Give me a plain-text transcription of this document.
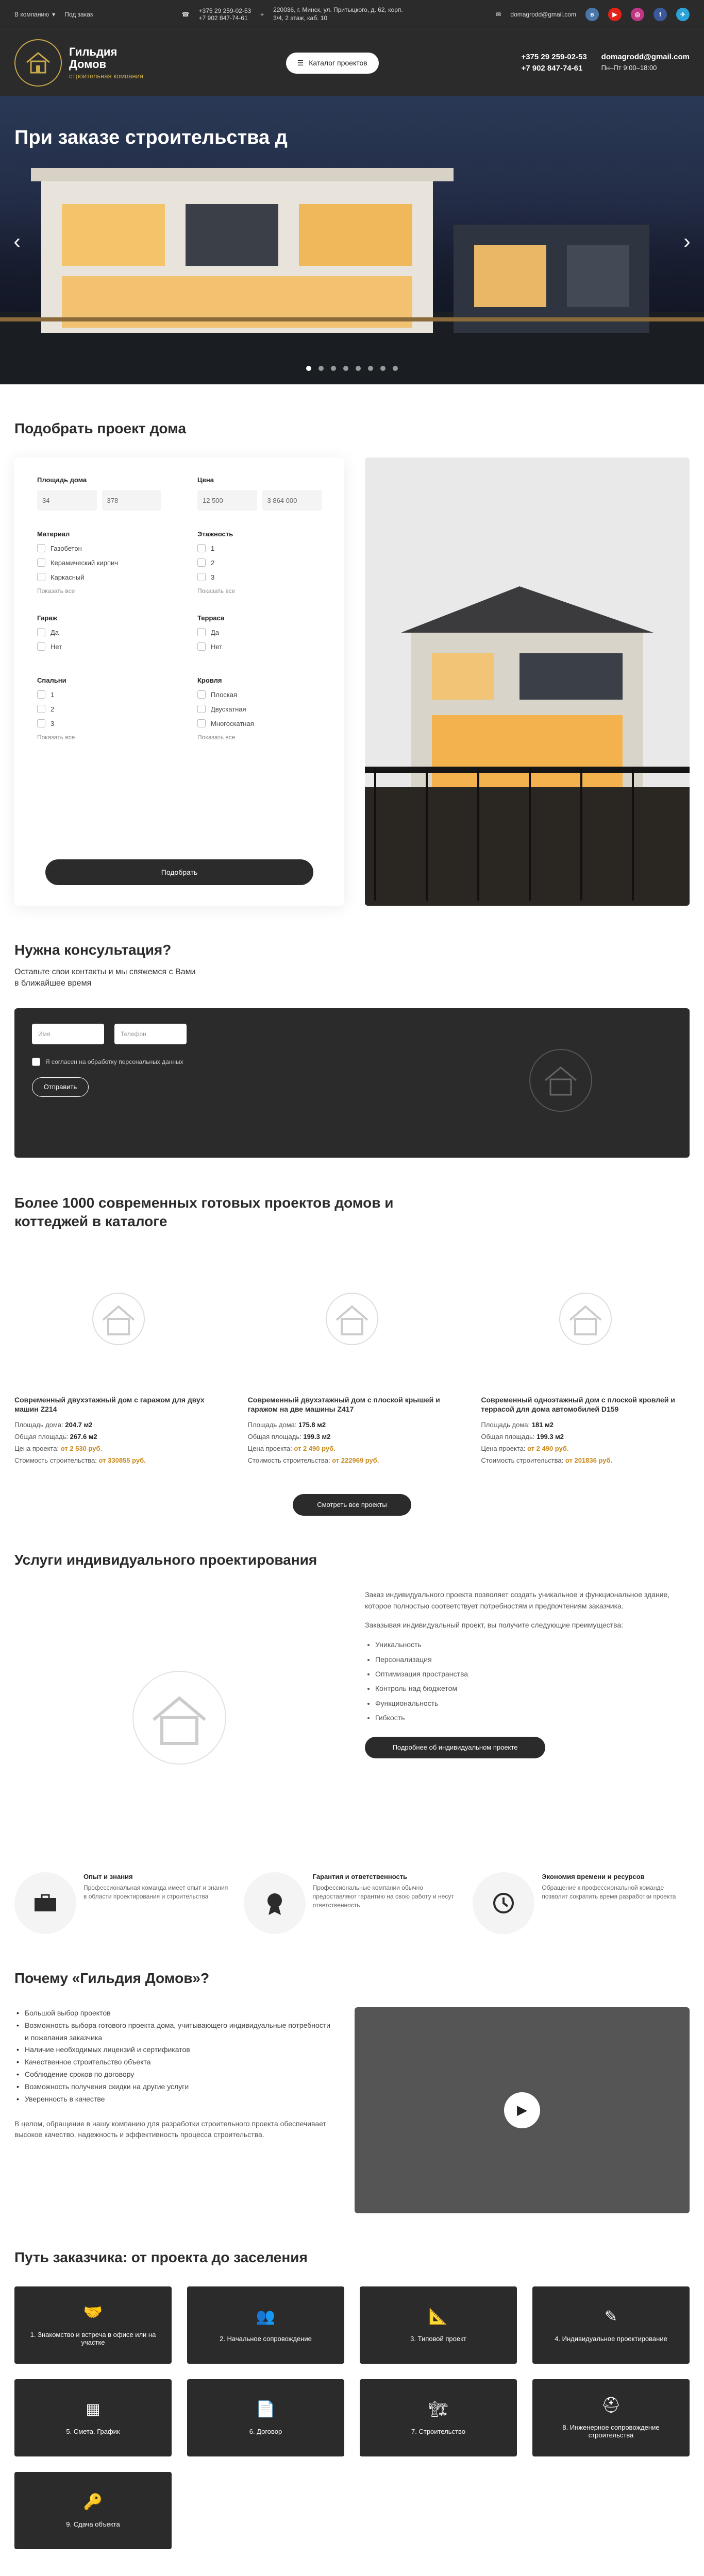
В компанию ▾ Под заказ	☎ +375 29 259-02-53
+7 902 847-74-61
⌖
220036, г. Минск, ул. Притыцкого, д. 62, корп. 3/4, 2 этаж, каб. 10	✉ domagrodd@gmail.com	в	▶	◎	f	✈
Гильдия
Домов
строительная компания
☰ Каталог проектов
+375 29 259-02-53
+7 902 847-74-61
domagrodd@gmail.com
Пн–Пт 9:00–18:00
При заказе строительства д
‹	›
Подобрать проект дома
Площадь дома
34	378
Цена
12 500	3 864 000
Материал
Газобетон
Керамический кирпич
Каркасный
Показать все
Этажность
1
2
3
Показать все
Гараж
Да
Нет
Терраса
Да
Нет
Спальни
1
2
3
Показать все
Кровля
Плоская
Двускатная
Многоскатная
Показать все
Подобрать
Нужна консультация?
Оставьте свои контакты и мы свяжемся с Вами
в ближайшее время
Имя	Телефон
Я согласен на обработку персональных данных
Отправить
Более 1000 современных готовых проектов домов и
коттеджей в каталоге
Современный двухэтажный дом с гаражом для двух машин Z214
Площадь дома: 204.7 м2
Общая площадь: 267.6 м2
Цена проекта: от 2 530 руб.
Стоимость строительства: от 330855 руб.
Современный двухэтажный дом с плоской крышей и гаражом на две машины Z417
Площадь дома: 175.8 м2
Общая площадь: 199.3 м2
Цена проекта: от 2 490 руб.
Стоимость строительства: от 222969 руб.
Современный одноэтажный дом с плоской кровлей и террасой для дома автомобилей D159
Площадь дома: 181 м2
Общая площадь: 199.3 м2
Цена проекта: от 2 490 руб.
Стоимость строительства: от 201836 руб.
Смотреть все проекты
Услуги индивидуального проектирования

Заказ индивидуального проекта позволяет создать уникальное и функциональное здание, которое полностью соответствует потребностям и предпочтениям заказчика.

Заказывая индивидуальный проект, вы получите следующие преимущества:

• Уникальность
• Персонализация
• Оптимизация пространства
• Контроль над бюджетом
• Функциональность
• Гибкость
Подробнее об индивидуальном проекте
Опыт и знания
Профессиональная команда имеет опыт и знания в области проектирования и строительства
Гарантия и ответственность
Профессиональные компании обычно предоставляют гарантию на свою работу и несут ответственность
Экономия времени и ресурсов
Обращение к профессиональной команде позволит сократить время разработки проекта
Почему «Гильдия Домов»?
• Большой выбор проектов
• Возможность выбора готового проекта дома, учитывающего индивидуальные потребности и пожелания заказчика
• Наличие необходимых лицензий и сертификатов
• Качественное строительство объекта
• Соблюдение сроков по договору
• Возможность получения скидки на другие услуги
• Уверенность в качестве

В целом, обращение в нашу компанию для разработки строительного проекта обеспечивает высокое качество, надежность и эффективность процесса строительства.

▶
Путь заказчика: от проекта до заселения
🤝
1. Знакомство и встреча в офисе или на участке
👥
2. Начальное сопровождение
📐
3. Типовой проект
✎
4. Индивидуальное проектирование
▦
5. Смета. График
📄
6. Договор
🏗
7. Строительство
⛑
8. Инженерное сопровождение строительства
🔑
9. Сдача объекта
